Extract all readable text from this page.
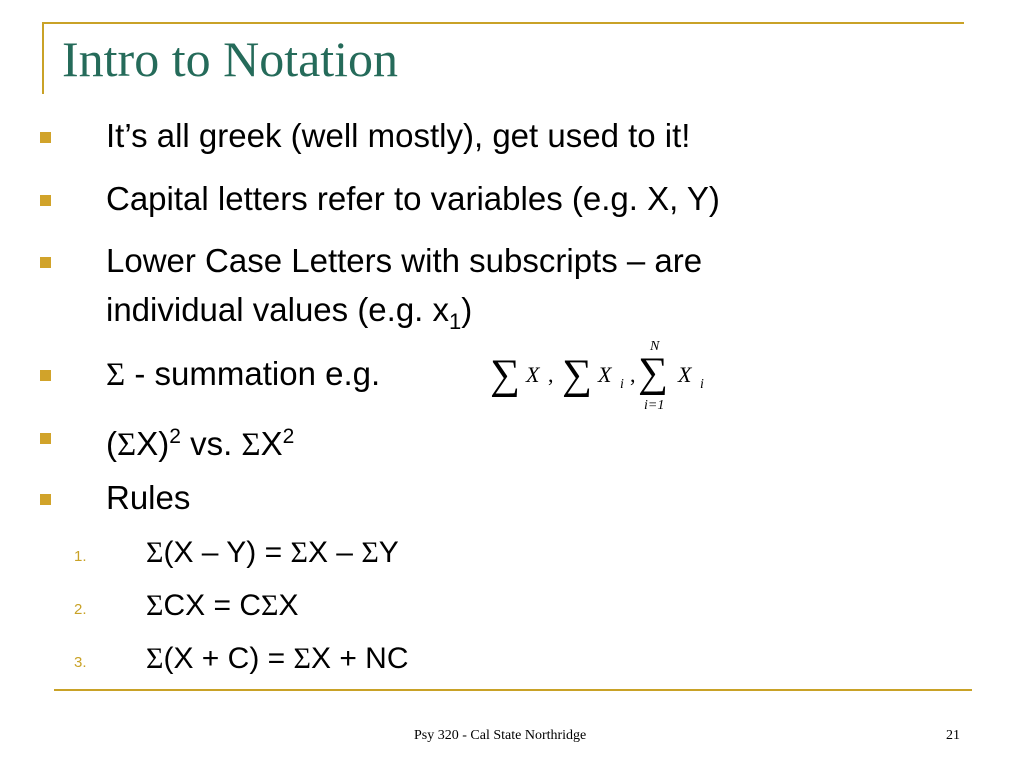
Intro to Notation
It’s all greek (well mostly), get used to it!
Capital letters refer to variables (e.g. X, Y)
Lower Case Letters with subscripts – are
individual values (e.g. $x_1$)
Σ - summation e.g.	∑ X , ∑ X i ,
N
∑
i=1
X i
$(\Sigma X)^2$ vs. $\Sigma X^2$
Rules
1. Σ(X – Y) = ΣX – ΣY
2. ΣCX = CΣX
3. Σ(X + C) = ΣX + NC
Psy 320 - Cal State Northridge	21
